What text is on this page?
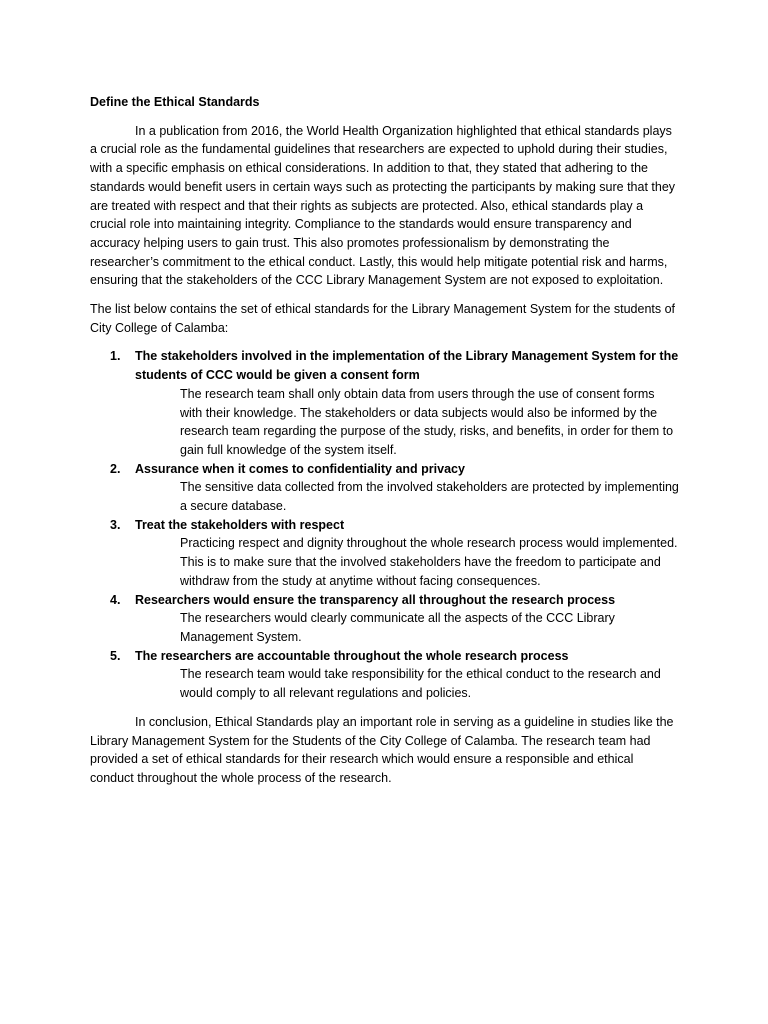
Define the Ethical Standards

In a publication from 2016, the World Health Organization highlighted that ethical standards plays a crucial role as the fundamental guidelines that researchers are expected to uphold during their studies, with a specific emphasis on ethical considerations. In addition to that, they stated that adhering to the standards would benefit users in certain ways such as protecting the participants by making sure that they are treated with respect and that their rights as subjects are protected. Also, ethical standards play a crucial role into maintaining integrity. Compliance to the standards would ensure transparency and accuracy helping users to gain trust. This also promotes professionalism by demonstrating the researcher’s commitment to the ethical conduct. Lastly, this would help mitigate potential risk and harms, ensuring that the stakeholders of the CCC Library Management System are not exposed to exploitation.

The list below contains the set of ethical standards for the Library Management System for the students of City College of Calamba:

1. The stakeholders involved in the implementation of the Library Management System for the students of CCC would be given a consent form
The research team shall only obtain data from users through the use of consent forms with their knowledge. The stakeholders or data subjects would also be informed by the research team regarding the purpose of the study, risks, and benefits, in order for them to gain full knowledge of the system itself.
2. Assurance when it comes to confidentiality and privacy
The sensitive data collected from the involved stakeholders are protected by implementing a secure database.
3. Treat the stakeholders with respect
Practicing respect and dignity throughout the whole research process would implemented. This is to make sure that the involved stakeholders have the freedom to participate and withdraw from the study at anytime without facing consequences.
4. Researchers would ensure the transparency all throughout the research process
The researchers would clearly communicate all the aspects of the CCC Library Management System.
5. The researchers are accountable throughout the whole research process
The research team would take responsibility for the ethical conduct to the research and would comply to all relevant regulations and policies.

In conclusion, Ethical Standards play an important role in serving as a guideline in studies like the Library Management System for the Students of the City College of Calamba. The research team had provided a set of ethical standards for their research which would ensure a responsible and ethical conduct throughout the whole process of the research.
